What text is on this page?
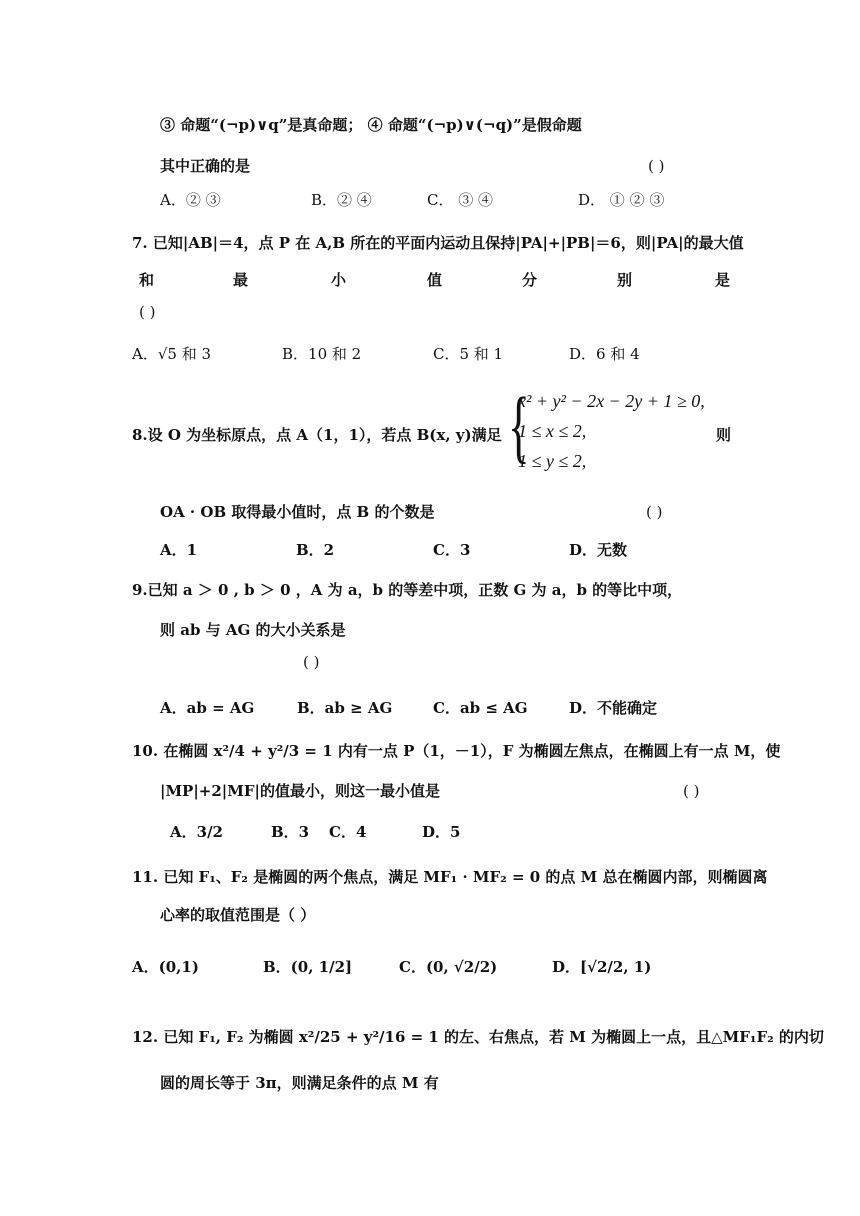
③ 命题“(¬p)∨q”是真命题； ④ 命题“(¬p)∨(¬q)”是假命题
其中正确的是	( )
A．② ③	B．② ④	C． ③ ④	D． ① ② ③
7. 已知|AB|＝4，点 P 在 A,B 所在的平面内运动且保持|PA|+|PB|＝6，则|PA|的最大值
和	最	小	值	分	别	是
( )
A．√5 和 3	B．10 和 2	C．5 和 1	D．6 和 4
8.设 O 为坐标原点，点 A（1，1），若点 B(x, y)满足 {
x² + y² − 2x − 2y + 1 ≥ 0,
1 ≤ x ≤ 2,
1 ≤ y ≤ 2,
则
OA · OB 取得最小值时，点 B 的个数是	( )
A．1	B．2	C．3	D．无数
9.已知 a ＞ 0 , b ＞ 0 ，A 为 a，b 的等差中项，正数 G 为 a，b 的等比中项，
则 ab 与 AG 的大小关系是
( )
A．ab = AG	B．ab ≥ AG	C．ab ≤ AG	D．不能确定
10. 在椭圆 x²/4 + y²/3 = 1 内有一点 P（1，－1），F 为椭圆左焦点，在椭圆上有一点 M，使
|MP|+2|MF|的值最小，则这一最小值是	( )
A．3/2	B．3 C．4	D．5
11. 已知 F₁、F₂ 是椭圆的两个焦点，满足 MF₁ · MF₂ = 0 的点 M 总在椭圆内部，则椭圆离
心率的取值范围是（ ）
A．(0,1)	B．(0, 1/2]	C．(0, √2/2)	D．[√2/2, 1)
12. 已知 F₁, F₂ 为椭圆 x²/25 + y²/16 = 1 的左、右焦点，若 M 为椭圆上一点，且△MF₁F₂ 的内切
圆的周长等于 3π，则满足条件的点 M 有
